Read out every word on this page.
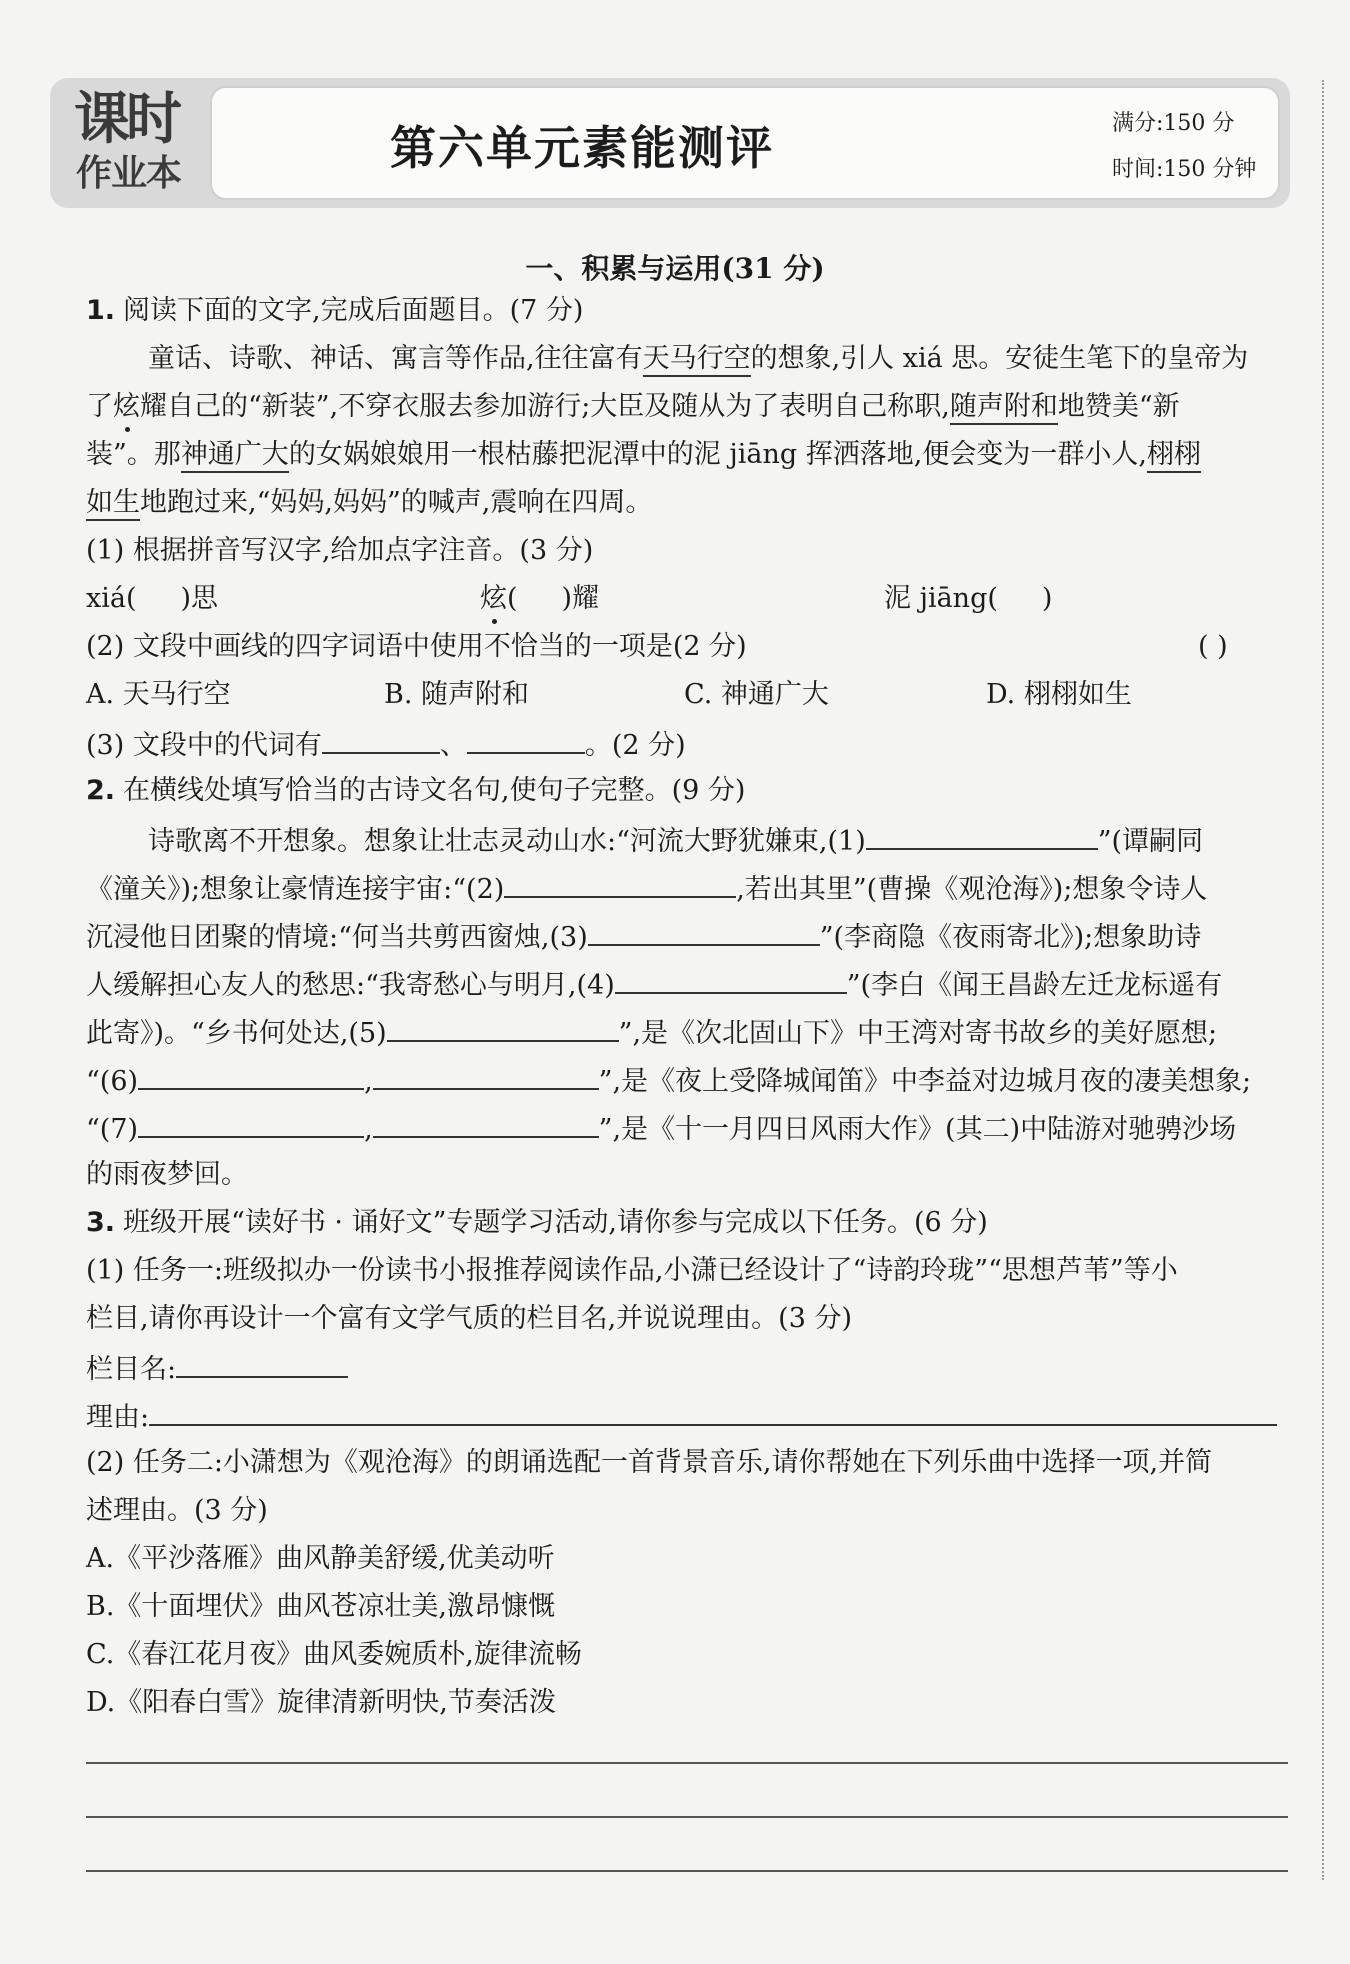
课时
作业本	第六单元素能测评	满分:150 分
时间:150 分钟
一、积累与运用(31 分)
1. 阅读下面的文字,完成后面题目。(7 分)
童话、诗歌、神话、寓言等作品,往往富有天马行空的想象,引人 xiá 思。安徒生笔下的皇帝为
了炫耀自己的“新装”,不穿衣服去参加游行;大臣及随从为了表明自己称职,随声附和地赞美“新
装”。那神通广大的女娲娘娘用一根枯藤把泥潭中的泥 jiāng 挥洒落地,便会变为一群小人,栩栩
如生地跑过来,“妈妈,妈妈”的喊声,震响在四周。
(1) 根据拼音写汉字,给加点字注音。(3 分)
xiá( )思	炫( )耀	泥 jiāng( )
(2) 文段中画线的四字词语中使用不恰当的一项是(2 分)	( )
A. 天马行空	B. 随声附和	C. 神通广大	D. 栩栩如生
(3) 文段中的代词有	、	。(2 分)
2. 在横线处填写恰当的古诗文名句,使句子完整。(9 分)
诗歌离不开想象。想象让壮志灵动山水:“河流大野犹嫌束,(1)	”(谭嗣同
《潼关》);想象让豪情连接宇宙:“(2)	,若出其里”(曹操《观沧海》);想象令诗人
沉浸他日团聚的情境:“何当共剪西窗烛,(3)	”(李商隐《夜雨寄北》);想象助诗
人缓解担心友人的愁思:“我寄愁心与明月,(4)	”(李白《闻王昌龄左迁龙标遥有
此寄》)。“乡书何处达,(5)	”,是《次北固山下》中王湾对寄书故乡的美好愿想;
“(6)	,	”,是《夜上受降城闻笛》中李益对边城月夜的凄美想象;
“(7)	,	”,是《十一月四日风雨大作》(其二)中陆游对驰骋沙场
的雨夜梦回。
3. 班级开展“读好书 · 诵好文”专题学习活动,请你参与完成以下任务。(6 分)
(1) 任务一:班级拟办一份读书小报推荐阅读作品,小潇已经设计了“诗韵玲珑”“思想芦苇”等小
栏目,请你再设计一个富有文学气质的栏目名,并说说理由。(3 分)
栏目名:
理由:
(2) 任务二:小潇想为《观沧海》的朗诵选配一首背景音乐,请你帮她在下列乐曲中选择一项,并简
述理由。(3 分)
A.《平沙落雁》曲风静美舒缓,优美动听
B.《十面埋伏》曲风苍凉壮美,激昂慷慨
C.《春江花月夜》曲风委婉质朴,旋律流畅
D.《阳春白雪》旋律清新明快,节奏活泼
